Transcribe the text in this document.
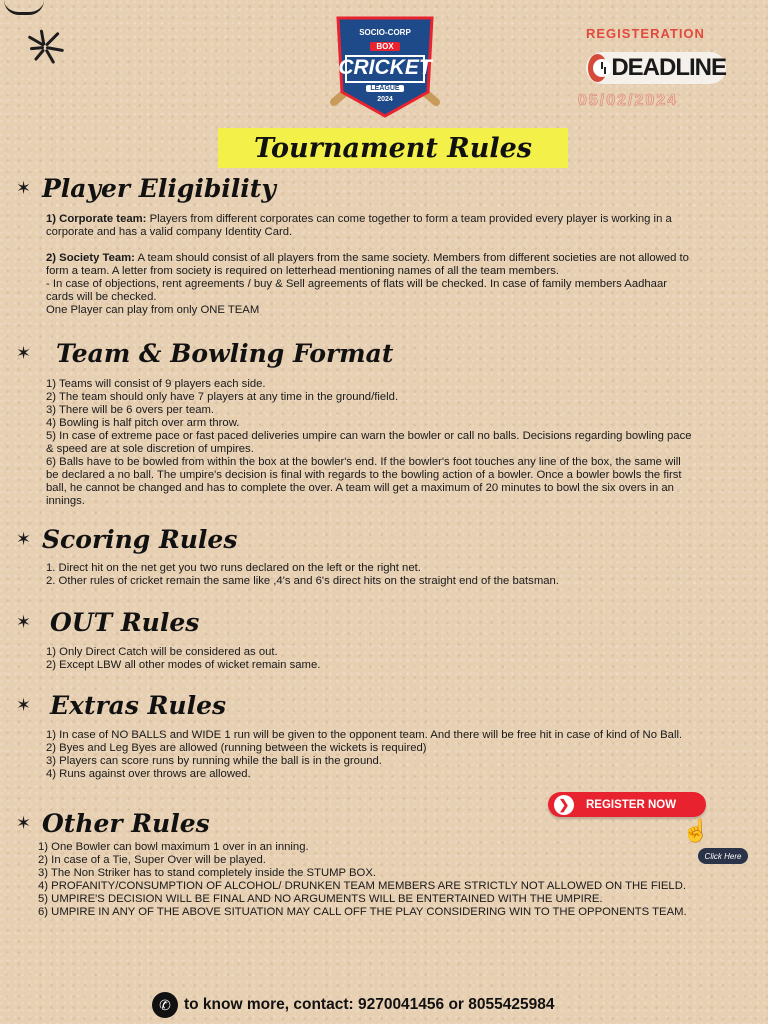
SOCIO-CORP
BOX
CRICKET
LEAGUE
2024
REGISTERATION
DEADLINE
05/02/2024
Tournament Rules
✶ Player Eligibility

1) Corporate team: Players from different corporates can come together to form a team provided every player is working in a corporate and has a valid company Identity Card.

2) Society Team: A team should consist of all players from the same society. Members from different societies are not allowed to form a team. A letter from society is required on letterhead mentioning names of all the team members.

- In case of objections, rent agreements / buy & Sell agreements of flats will be checked. In case of family members Aadhaar cards will be checked.

One Player can play from only ONE TEAM

✶ Team & Bowling Format

1) Teams will consist of 9 players each side.

2) The team should only have 7 players at any time in the ground/field.

3) There will be 6 overs per team.

4) Bowling is half pitch over arm throw.

5) In case of extreme pace or fast paced deliveries umpire can warn the bowler or call no balls. Decisions regarding bowling pace & speed are at sole discretion of umpires.

6) Balls have to be bowled from within the box at the bowler's end. If the bowler's foot touches any line of the box, the same will be declared a no ball. The umpire's decision is final with regards to the bowling action of a bowler. Once a bowler bowls the first ball, he cannot be changed and has to complete the over. A team will get a maximum of 20 minutes to bowl the six overs in an innings.

✶ Scoring Rules

1. Direct hit on the net get you two runs declared on the left or the right net.

2. Other rules of cricket remain the same like ,4's and 6's direct hits on the straight end of the batsman.

✶ OUT Rules

1) Only Direct Catch will be considered as out.

2) Except LBW all other modes of wicket remain same.

✶ Extras Rules

1) In case of NO BALLS and WIDE 1 run will be given to the opponent team. And there will be free hit in case of kind of No Ball.

2) Byes and Leg Byes are allowed (running between the wickets is required)

3) Players can score runs by running while the ball is in the ground.

4) Runs against over throws are allowed.

❯	REGISTER NOW
☝
Click Here
✶ Other Rules

1) One Bowler can bowl maximum 1 over in an inning.

2) In case of a Tie, Super Over will be played.

3) The Non Striker has to stand completely inside the STUMP BOX.

4) PROFANITY/CONSUMPTION OF ALCOHOL/ DRUNKEN TEAM MEMBERS ARE STRICTLY NOT ALLOWED ON THE FIELD.

5) UMPIRE'S DECISION WILL BE FINAL AND NO ARGUMENTS WILL BE ENTERTAINED WITH THE UMPIRE.

6) UMPIRE IN ANY OF THE ABOVE SITUATION MAY CALL OFF THE PLAY CONSIDERING WIN TO THE OPPONENTS TEAM.

✆ to know more, contact: 9270041456 or 8055425984
